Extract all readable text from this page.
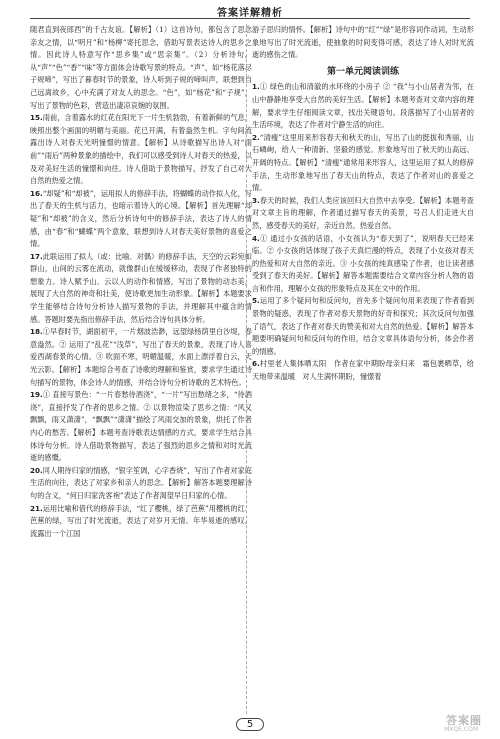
答案详解精析
随君直到夜郎西”的千古友谊。【解析】（1）这首诗句，都包含了思念亲友之情，以“明月”和“杨柳”寄托思念，借助写景表达诗人的思乡之情。因此诗人特意写作“思乡集”或“思亲集”。（2）分析诗句，从“声”“色”“香”“味”等方面体会诗歌写景的特点。“声”，如“杨花落尽子规啼”，写出了暮春时节的景象，诗人听到子规的啼叫声，联想到自己远离故乡，心中充满了对友人的思念。“色”，如“杨花”和“子规”，写出了景物的色彩，营造出凄凉哀婉的氛围。
15.雨前，含着露水的红花在阳光下一片生机勃勃，有着新鲜的气息，映照出整个画面的明媚与美丽。花已开满，有着盎然生机。字句间流露出诗人对春天光明憧憬的情意。【解析】从诗歌描写出诗人对“雨前”“雨后”两种景象的描绘中，我们可以感受到诗人对春天的热爱，以及对美好生活的憧憬和向往。诗人借助于景物描写，抒发了自己对大自然的热爱之情。
16.“却疑”和“却被”，运用拟人的修辞手法，将蝴蝶的动作拟人化，写出了春天的生机与活力，也暗示着诗人的心境。【解析】首先理解“却疑”和“却被”的含义，然后分析诗句中的修辞手法，表达了诗人的情感，由“春”和“蝴蝶”两个意象，联想到诗人对春天美好景物的喜爱之情。
17.此联运用了拟人（或：比喻、对偶）的修辞手法，天空的云彩宛如群山，山间的云雾在流动，就像群山在缓缓移动，表现了作者独特的想象力。诗人赋予山、云以人的动作和情感，写出了景物的动态美，展现了大自然的神奇和壮美，使诗歌更加生动形象。【解析】本题要求学生能够结合诗句分析诗人描写景物的手法，并理解其中蕴含的情感。答题时要先指出修辞手法，然后结合诗句具体分析。
18.①早春时节，湖面初平，一片烟波浩渺，远望绿杨荫里白沙堤，春意盎然。② 运用了“乱花”“浅草”，写出了春天的景象，表现了诗人喜爱西湖春景的心情。③ 吹面不寒，明媚温暖，水面上漂浮着白云，天光云影。【解析】本题综合考查了诗歌的理解和鉴赏，要求学生通过诗句描写的景物，体会诗人的情感，并结合诗句分析诗歌的艺术特色。
19.① 直接写景色：“一片春愁待酒浇”，“一片”写出愁绪之多，“待酒浇”，直接抒发了作者的思乡之情。② 以景物渲染了思乡之情：“风又飘飘，雨又潇潇”，“飘飘”“潇潇”描绘了风雨交加的景象，烘托了作者内心的愁苦。【解析】本题考查诗歌表达情感的方式，要求学生结合具体诗句分析。诗人借助景物描写，表达了强烈的思乡之情和对时光流逝的感慨。
20.同人期待归家的情感，“银字笙调，心字香烧”，写出了作者对家庭生活的向往，表达了对家乡和亲人的思念。【解析】解答本题要理解诗句的含义，“何日归家洗客袍”表达了作者渴望早日归家的心情。
21.运用比喻和借代的修辞手法，“红了樱桃，绿了芭蕉”用樱桃的红、芭蕉的绿，写出了时光流逝，表达了对岁月无情、年华易逝的感叹，流露出一个江国

游子思归的情怀。【解析】诗句中的“红”“绿”是形容词作动词，生动形象地写出了时光流逝，使抽象的时间变得可感，表达了诗人对时光流逝的感伤之情。

第一单元阅读训练
1.① 绿色的山和清澈的水环绕的小房子 ② “我”与小山居者为邻，在山中静静地享受大自然的美好生活。【解析】本题考查对文章内容的理解，要求学生仔细阅读文章，找出关键语句。段落描写了小山居者的生活环境，表达了作者对宁静生活的向往。
2.“清瘦”这里用来形容春天和秋天的山，写出了山的挺拔和秀丽，山石嶙峋，给人一种清新、坚毅的感觉。形象地写出了秋天的山高远、开阔的特点。【解析】“清瘦”通常用来形容人，这里运用了拟人的修辞手法，生动形象地写出了春天山的特点，表达了作者对山的喜爱之情。
3.春天的时候，我们人类应该回归大自然中去享受。【解析】本题考查对文章主旨的理解，作者通过描写春天的美景，号召人们走进大自然，感受春天的美好，亲近自然、热爱自然。
4.① 通过小女孩的话语，小女孩认为“春天到了”，说明春天已经来临。② 小女孩的话体现了孩子天真烂漫的特点，表现了小女孩对春天的热爱和对大自然的亲近。③ 小女孩的纯真感染了作者，也让读者感受到了春天的美好。【解析】解答本题需要结合文章内容分析人物的语言和作用，理解小女孩的形象特点及其在文中的作用。
5.运用了多个疑问句和反问句，首先多个疑问句用来表现了作者看到景物的疑惑，表现了作者对春天景物的好奇和探究；其次反问句加强了语气，表达了作者对春天的赞美和对大自然的热爱。【解析】解答本题要明确疑问句和反问句的作用，结合文章具体语句分析，体会作者的情感。
6.村里老人集体晒太阳　作者在家中期盼母亲归来　霜包裹晒草，给天地带来温暖　对人生满怀期盼，憧憬着
5	答案圈
MXQE.COM
